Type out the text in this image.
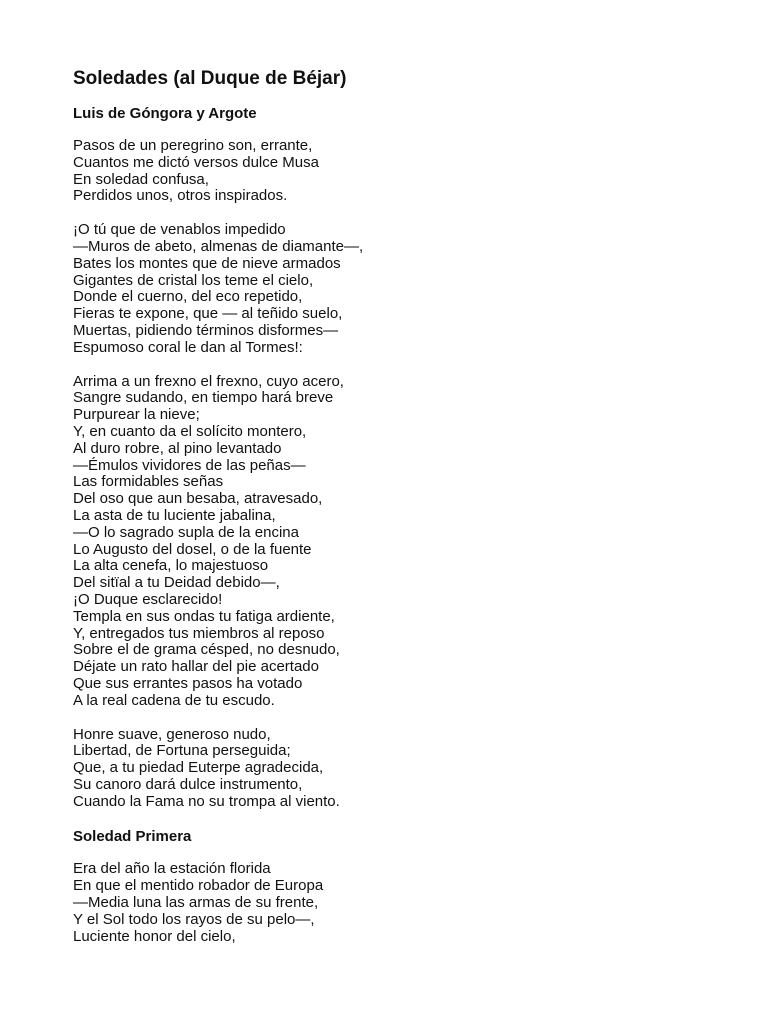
Soledades (al Duque de Béjar)
Luis de Góngora y Argote
Pasos de un peregrino son, errante,
Cuantos me dictó versos dulce Musa
En soledad confusa,
Perdidos unos, otros inspirados.
¡O tú que de venablos impedido
—Muros de abeto, almenas de diamante—,
Bates los montes que de nieve armados
Gigantes de cristal los teme el cielo,
Donde el cuerno, del eco repetido,
Fieras te expone, que — al teñido suelo,
Muertas, pidiendo términos disformes—
Espumoso coral le dan al Tormes!:
Arrima a un frexno el frexno, cuyo acero,
Sangre sudando, en tiempo hará breve
Purpurear la nieve;
Y, en cuanto da el solícito montero,
Al duro robre, al pino levantado
—Émulos vividores de las peñas—
Las formidables señas
Del oso que aun besaba, atravesado,
La asta de tu luciente jabalina,
—O lo sagrado supla de la encina
Lo Augusto del dosel, o de la fuente
La alta cenefa, lo majestuoso
Del sitïal a tu Deidad debido—,
¡O Duque esclarecido!
Templa en sus ondas tu fatiga ardiente,
Y, entregados tus miembros al reposo
Sobre el de grama césped, no desnudo,
Déjate un rato hallar del pie acertado
Que sus errantes pasos ha votado
A la real cadena de tu escudo.
Honre suave, generoso nudo,
Libertad, de Fortuna perseguida;
Que, a tu piedad Euterpe agradecida,
Su canoro dará dulce instrumento,
Cuando la Fama no su trompa al viento.
Soledad Primera
Era del año la estación florida
En que el mentido robador de Europa
—Media luna las armas de su frente,
Y el Sol todo los rayos de su pelo—,
Luciente honor del cielo,
